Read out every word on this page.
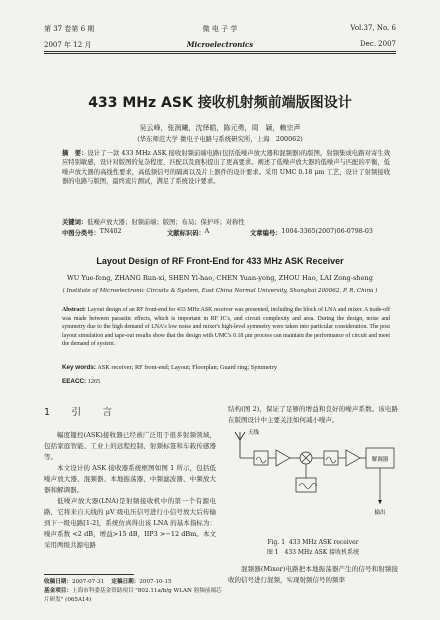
第 37 卷第 6 期	微 电 子 学	Vol.37, No. 6
2007 年 12 月	Microelectronics	Dec. 2007
433 MHz ASK 接收机射频前端版图设计
吴云峰，张润曦，沈怿皓，陈元勇，周　颖，赖宗声
(华东师范大学 微电子电路与系统研究所，上海　200062)
摘　要：设计了一款 433 MHz ASK 接收射频前端电路(包括低噪声放大器和混频器)的版图。射频集成电路对寄生效应特别敏感，设计对版图的复杂程度、匹配以及面积提出了更高要求。阐述了低噪声放大器的低噪声与匹配的平衡，低噪声放大器的高线性要求，高低频信号的隔离以及片上器件的设计要求。采用 UMC 0.18 μm 工艺，设计了射频接收器的电路与版图，最终流片测试，满足了系统设计要求。
关键词：低噪声放大器；射频前端；版图；布局；保护环；对称性
中图分类号： TN402	文献标识码： A	文章编号： 1004-3365(2007)06-0798-03
Layout Design of RF Front-End for 433 MHz ASK Receiver
WU Yue-feng, ZHANG Run-xi, SHEN Yi-hao, CHEN Yuan-yong, ZHOU Hao, LAI Zong-sheng
( Institute of Microelectronic Circuits & System, East China Normal University, Shanghai 200062, P. R. China )
Abstract: Layout design of an RF front-end for 433 MHz ASK receiver was presented, including the block of LNA and mixer. A trade-off was made between parasitic effects, which is important in RF IC's, and circuit complexity and area. During the design, noise and symmetry due to the high demand of LNA's low noise and mixer's high-level symmetry were taken into particular consideration. The post layout simulation and tape-out results show that the design with UMC's 0.18 μm process can maintain the performance of circuit and meet the demand of system.
Key words: ASK receiver; RF front-end; Layout; Floorplan; Guard ring; Symmetry
EEACC: 1265
1　引　言

幅度键控(ASK)接收器已经被广泛用于很多射频领域，包括家庭智能、工业上的远程控制、射频标签和车载传感器等。

本文设计的 ASK 接收器系统框图如图 1 所示，包括低噪声放大器、混频器、本地振荡器、中频滤波器、中频放大器和解调器。

低噪声放大器(LNA)是射频接收机中的第一个有源电路，它将来自天线的 μV 级电压信号进行小信号放大后传输到下一级电路[1-2]，系统仿真得出该 LNA 的基本指标为：噪声系数 <2 dB，增益>15 dB，IIP3 >−12 dBm。本文采用两级共源电路

结构(图 2)，保证了足够的增益和良好的噪声系数。该电路在版图设计中主要关注如何减小噪声。

天线
解调器
输出
Fig. 1 433 MHz ASK receiver
图 1　433 MHz ASK 接收机系统

混频器(Mixer)电路把本地振荡器产生的信号和射频接收的信号进行混频，实现射频信号的频率

收稿日期：2007-07-31 定稿日期：2007-10-15
基金项目：上海市科委基金资助项目 "802.11a/b/g WLAN 射频前端芯片研发" (065A14)
